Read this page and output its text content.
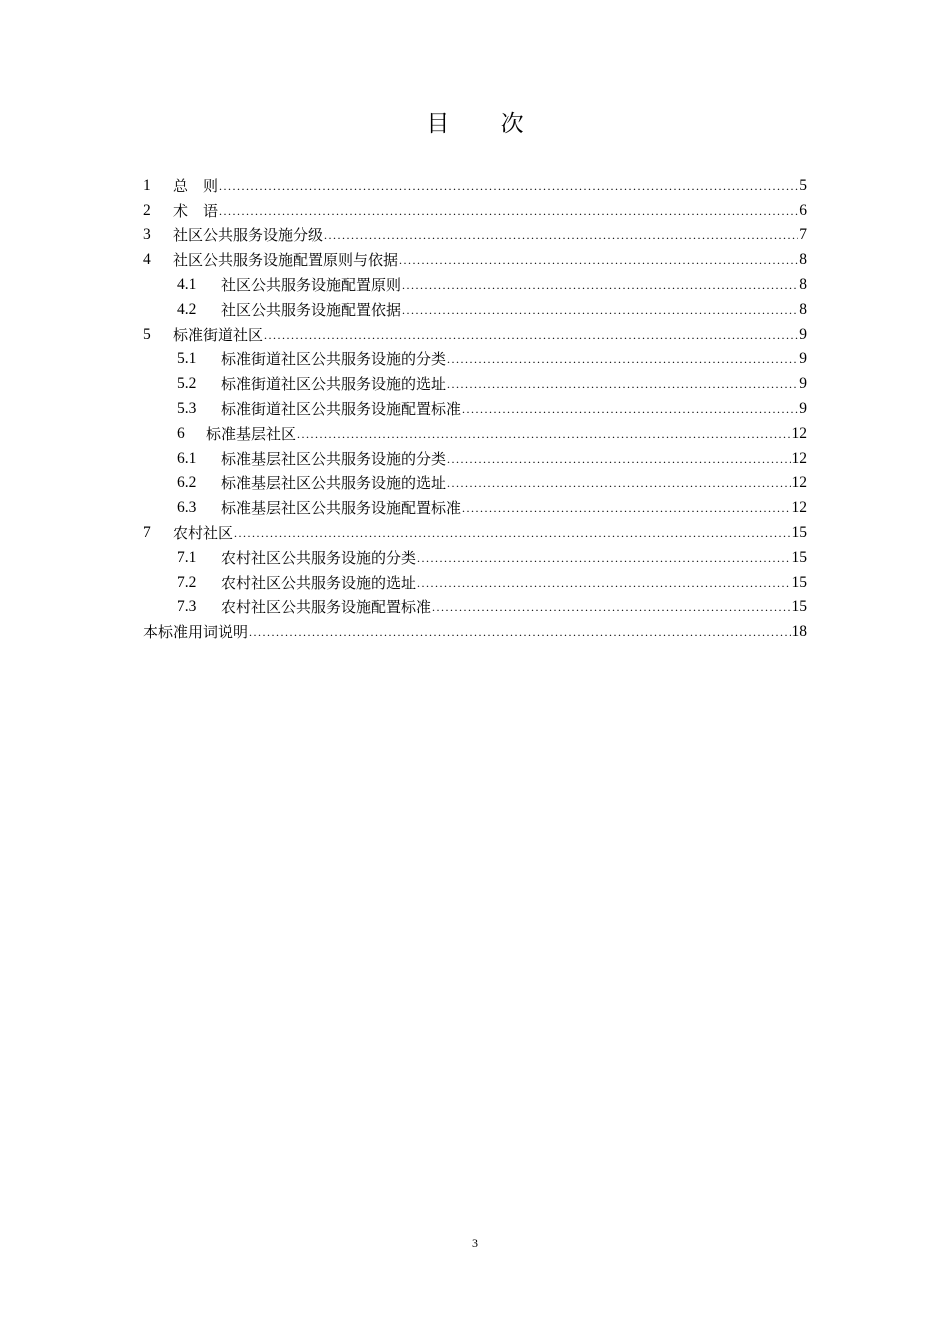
目 次
1	总　则 .....	5
2	术　语 .....	6
3	社区公共服务设施分级 .....	7
4	社区公共服务设施配置原则与依据 .....	8
4.1	社区公共服务设施配置原则 .....	8
4.2	社区公共服务设施配置依据 .....	8
5	标准街道社区 .....	9
5.1	标准街道社区公共服务设施的分类 .....	9
5.2	标准街道社区公共服务设施的选址 .....	9
5.3	标准街道社区公共服务设施配置标准 .....	9
6	标准基层社区 .....	12
6.1	标准基层社区公共服务设施的分类 .....	12
6.2	标准基层社区公共服务设施的选址 .....	12
6.3	标准基层社区公共服务设施配置标准 .....	12
7	农村社区 .....	15
7.1	农村社区公共服务设施的分类 .....	15
7.2	农村社区公共服务设施的选址 .....	15
7.3	农村社区公共服务设施配置标准 .....	15
本标准用词说明 .....	18
3
